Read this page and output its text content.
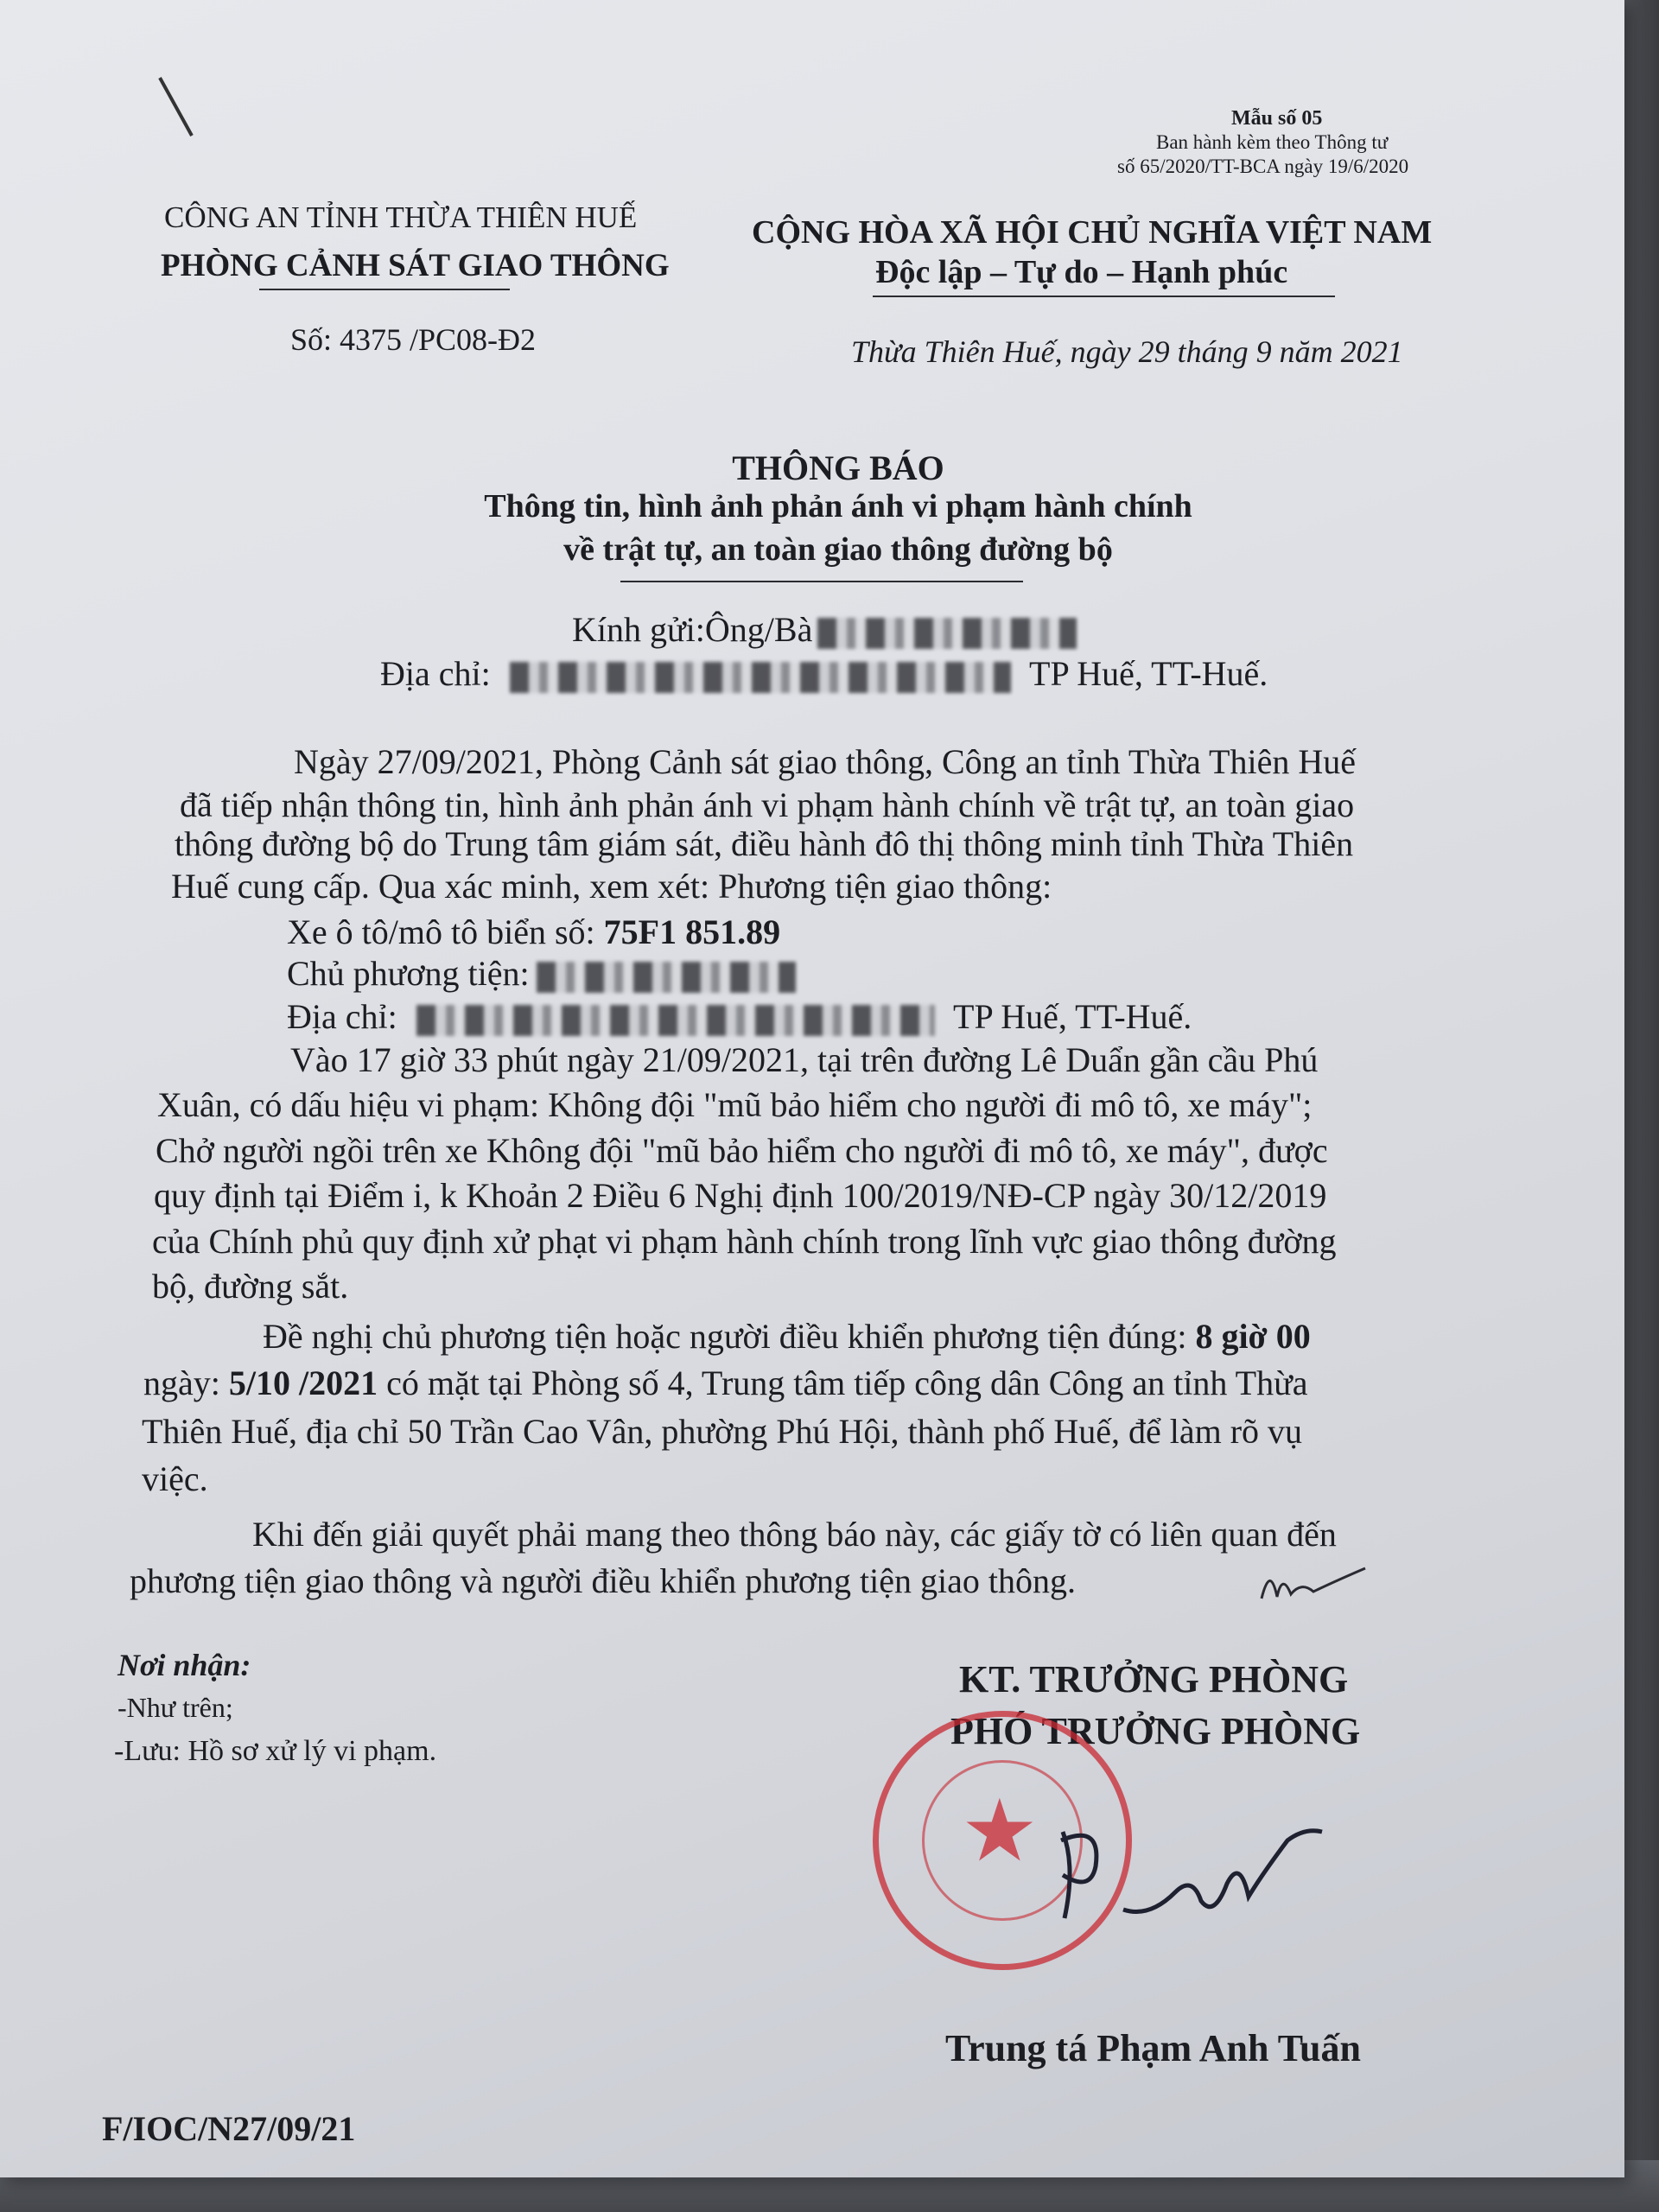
Mẫu số 05
Ban hành kèm theo Thông tư
số 65/2020/TT-BCA ngày 19/6/2020
CÔNG AN TỈNH THỪA THIÊN HUẾ
PHÒNG CẢNH SÁT GIAO THÔNG
Số: 4375 /PC08-Đ2
CỘNG HÒA XÃ HỘI CHỦ NGHĨA VIỆT NAM
Độc lập – Tự do – Hạnh phúc
Thừa Thiên Huế, ngày 29 tháng 9 năm 2021
THÔNG BÁO
Thông tin, hình ảnh phản ánh vi phạm hành chính
về trật tự, an toàn giao thông đường bộ
Kính gửi:Ông/Bà
Địa chỉ:	TP Huế, TT-Huế.
Ngày 27/09/2021, Phòng Cảnh sát giao thông, Công an tỉnh Thừa Thiên Huế
đã tiếp nhận thông tin, hình ảnh phản ánh vi phạm hành chính về trật tự, an toàn giao
thông đường bộ do Trung tâm giám sát, điều hành đô thị thông minh tỉnh Thừa Thiên
Huế cung cấp. Qua xác minh, xem xét: Phương tiện giao thông:
Xe ô tô/mô tô biển số: 75F1 851.89
Chủ phương tiện:
Địa chỉ:	TP Huế, TT-Huế.
Vào 17 giờ 33 phút ngày 21/09/2021, tại trên đường Lê Duẩn gần cầu Phú
Xuân, có dấu hiệu vi phạm: Không đội "mũ bảo hiểm cho người đi mô tô, xe máy";
Chở người ngồi trên xe Không đội "mũ bảo hiểm cho người đi mô tô, xe máy", được
quy định tại Điểm i, k Khoản 2 Điều 6 Nghị định 100/2019/NĐ-CP ngày 30/12/2019
của Chính phủ quy định xử phạt vi phạm hành chính trong lĩnh vực giao thông đường
bộ, đường sắt.
Đề nghị chủ phương tiện hoặc người điều khiển phương tiện đúng: 8 giờ 00
ngày: 5/10 /2021 có mặt tại Phòng số 4, Trung tâm tiếp công dân Công an tỉnh Thừa
Thiên Huế, địa chỉ 50 Trần Cao Vân, phường Phú Hội, thành phố Huế, để làm rõ vụ
việc.
Khi đến giải quyết phải mang theo thông báo này, các giấy tờ có liên quan đến
phương tiện giao thông và người điều khiển phương tiện giao thông.
Nơi nhận:
-Như trên;
-Lưu: Hồ sơ xử lý vi phạm.
KT. TRƯỞNG PHÒNG
PHÓ TRƯỞNG PHÒNG
★
Trung tá Phạm Anh Tuấn
F/IOC/N27/09/21
